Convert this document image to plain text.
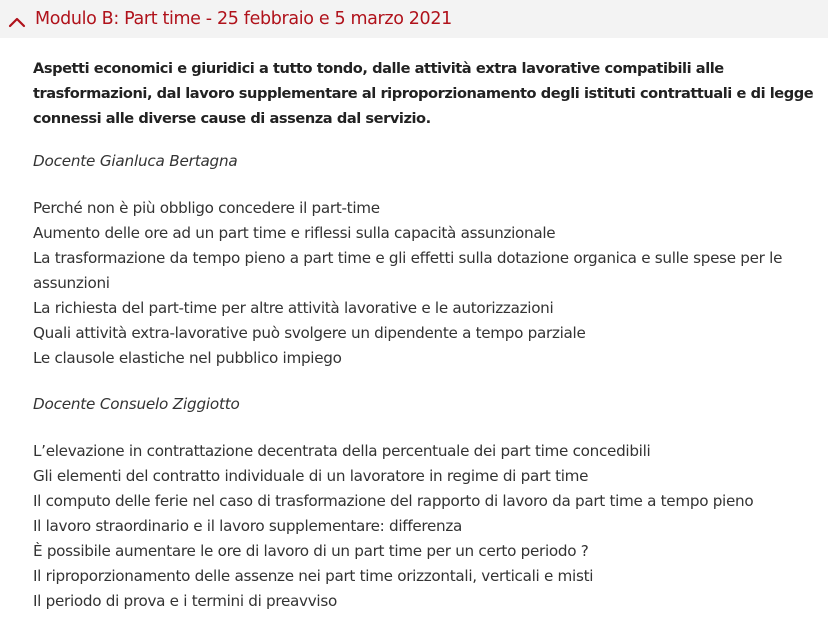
Modulo B: Part time - 25 febbraio e 5 marzo 2021

Aspetti economici e giuridici a tutto tondo, dalle attività extra lavorative compatibili alle trasformazioni, dal lavoro supplementare al riproporzionamento degli istituti contrattuali e di legge connessi alle diverse cause di assenza dal servizio.

Docente Gianluca Bertagna

Perché non è più obbligo concedere il part-time
Aumento delle ore ad un part time e riflessi sulla capacità assunzionale
La trasformazione da tempo pieno a part time e gli effetti sulla dotazione organica e sulle spese per le assunzioni
La richiesta del part-time per altre attività lavorative e le autorizzazioni
Quali attività extra-lavorative può svolgere un dipendente a tempo parziale
Le clausole elastiche nel pubblico impiego

Docente Consuelo Ziggiotto

L’elevazione in contrattazione decentrata della percentuale dei part time concedibili
Gli elementi del contratto individuale di un lavoratore in regime di part time
Il computo delle ferie nel caso di trasformazione del rapporto di lavoro da part time a tempo pieno
Il lavoro straordinario e il lavoro supplementare: differenza
È possibile aumentare le ore di lavoro di un part time per un certo periodo ?
Il riproporzionamento delle assenze nei part time orizzontali, verticali e misti
Il periodo di prova e i termini di preavviso
